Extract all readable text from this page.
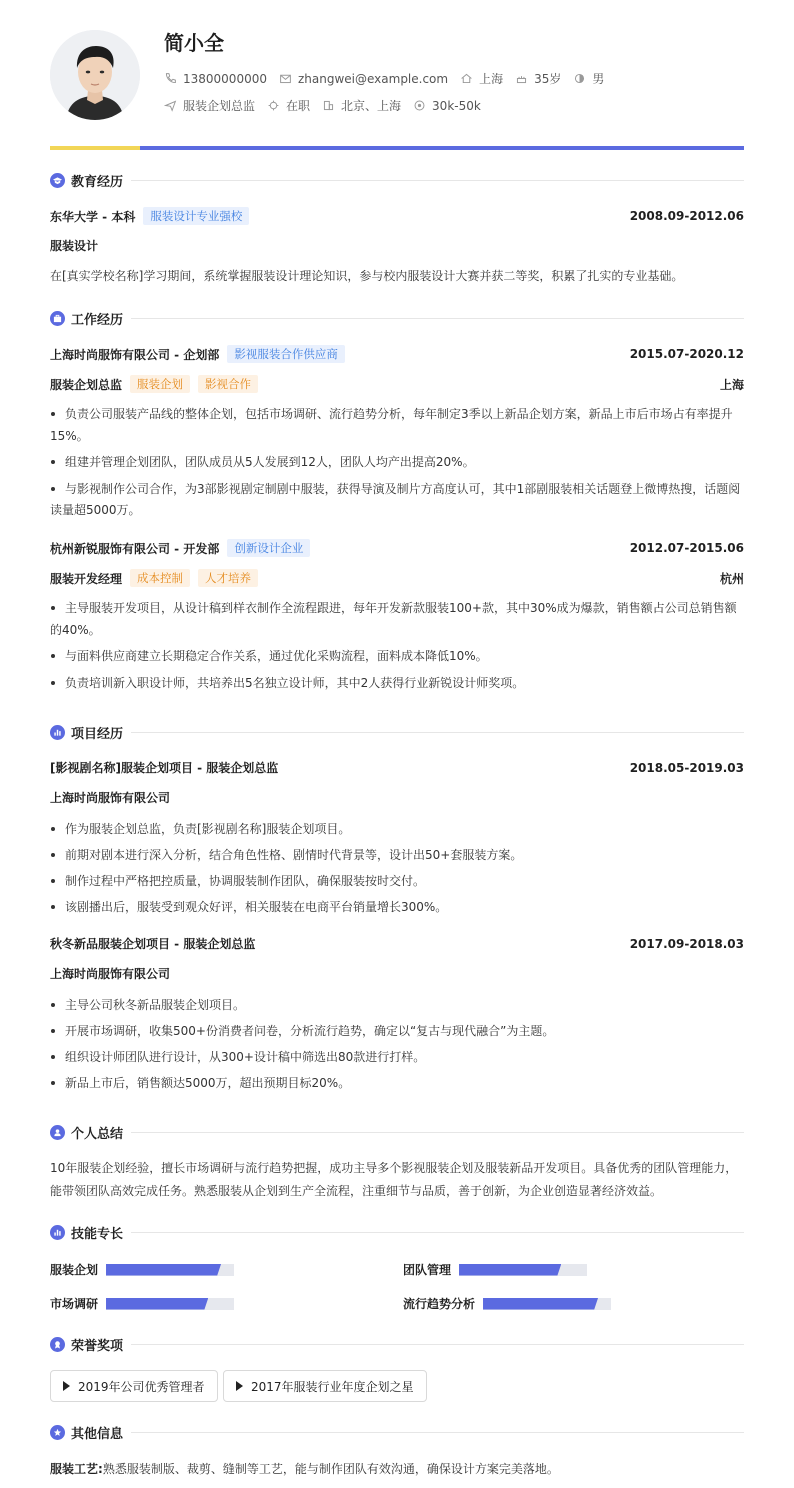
简小全
13800000000	zhangwei@example.com	上海	35岁	男
服装企划总监	在职	北京、上海	30k-50k
教育经历
东华大学 - 本科	服装设计专业强校	2008.09-2012.06
服装设计
在[真实学校名称]学习期间，系统掌握服装设计理论知识，参与校内服装设计大赛并获二等奖，积累了扎实的专业基础。
工作经历
上海时尚服饰有限公司 - 企划部	影视服装合作供应商	2015.07-2020.12
服装企划总监	服装企划	影视合作	上海
负责公司服装产品线的整体企划，包括市场调研、流行趋势分析，每年制定3季以上新品企划方案，新品上市后市场占有率提升
15%。
组建并管理企划团队，团队成员从5人发展到12人，团队人均产出提高20%。
与影视制作公司合作，为3部影视剧定制剧中服装，获得导演及制片方高度认可，其中1部剧服装相关话题登上微博热搜，话题阅
读量超5000万。
杭州新锐服饰有限公司 - 开发部	创新设计企业	2012.07-2015.06
服装开发经理	成本控制	人才培养	杭州
主导服装开发项目，从设计稿到样衣制作全流程跟进，每年开发新款服装100+款，其中30%成为爆款，销售额占公司总销售额
的40%。
与面料供应商建立长期稳定合作关系，通过优化采购流程，面料成本降低10%。
负责培训新入职设计师，共培养出5名独立设计师，其中2人获得行业新锐设计师奖项。
项目经历
[影视剧名称]服装企划项目 - 服装企划总监	2018.05-2019.03
上海时尚服饰有限公司
作为服装企划总监，负责[影视剧名称]服装企划项目。
前期对剧本进行深入分析，结合角色性格、剧情时代背景等，设计出50+套服装方案。
制作过程中严格把控质量，协调服装制作团队，确保服装按时交付。
该剧播出后，服装受到观众好评，相关服装在电商平台销量增长300%。
秋冬新品服装企划项目 - 服装企划总监	2017.09-2018.03
上海时尚服饰有限公司
主导公司秋冬新品服装企划项目。
开展市场调研，收集500+份消费者问卷，分析流行趋势，确定以“复古与现代融合”为主题。
组织设计师团队进行设计，从300+设计稿中筛选出80款进行打样。
新品上市后，销售额达5000万，超出预期目标20%。
个人总结
10年服装企划经验，擅长市场调研与流行趋势把握，成功主导多个影视服装企划及服装新品开发项目。具备优秀的团队管理能力，
能带领团队高效完成任务。熟悉服装从企划到生产全流程，注重细节与品质，善于创新，为企业创造显著经济效益。
技能专长
服装企划	团队管理
市场调研	流行趋势分析
荣誉奖项
2019年公司优秀管理者	2017年服装行业年度企划之星
其他信息
服装工艺:熟悉服装制版、裁剪、缝制等工艺，能与制作团队有效沟通，确保设计方案完美落地。
